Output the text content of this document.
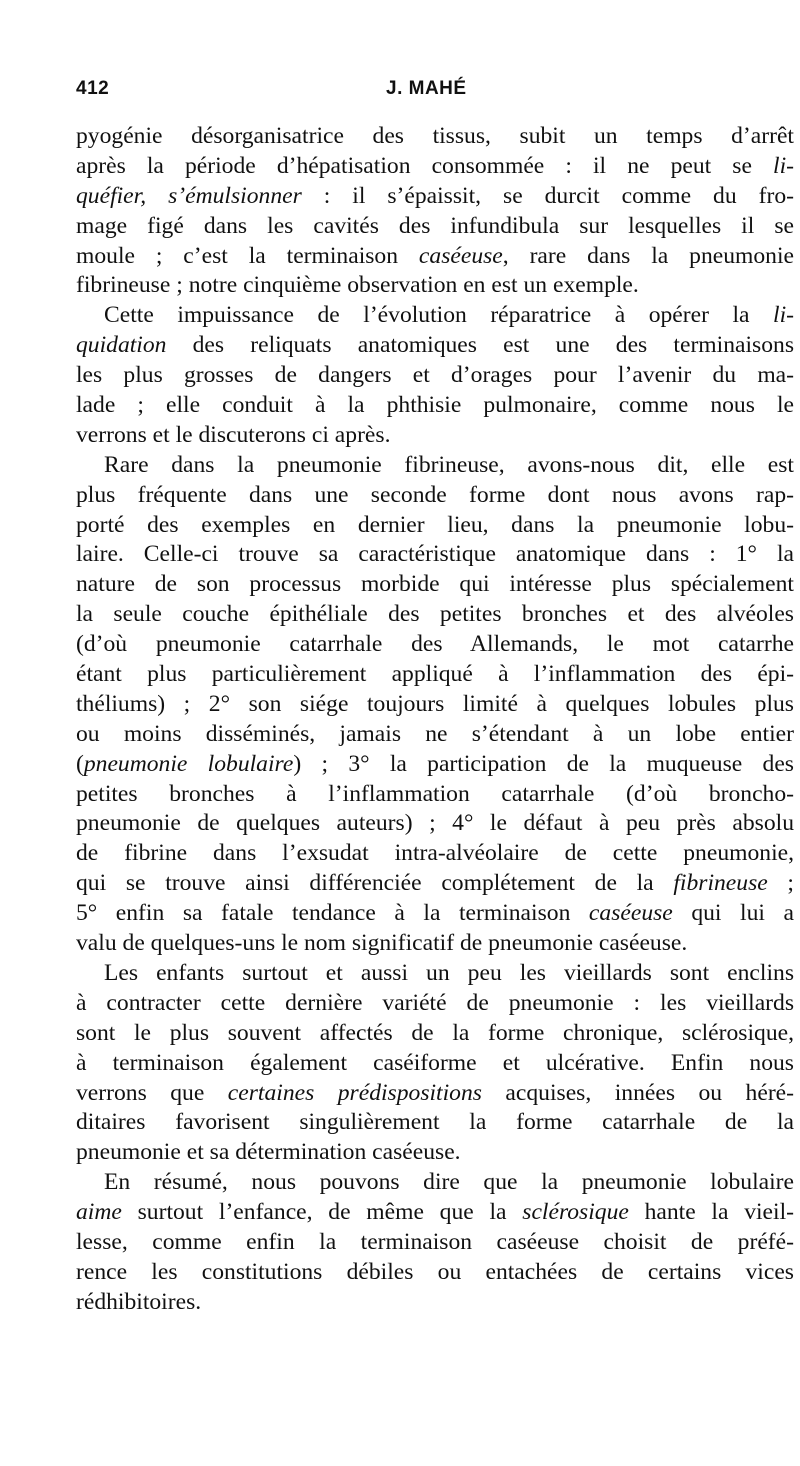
412	J. MAHÉ
pyogénie désorganisatrice des tissus, subit un temps d’arrêt
après la période d’hépatisation consommée : il ne peut se li-
quéfier, s’émulsionner : il s’épaissit, se durcit comme du fro-
mage figé dans les cavités des infundibula sur lesquelles il se
moule ; c’est la terminaison caséeuse, rare dans la pneumonie
fibrineuse ; notre cinquième observation en est un exemple.
Cette impuissance de l’évolution réparatrice à opérer la li-
quidation des reliquats anatomiques est une des terminaisons
les plus grosses de dangers et d’orages pour l’avenir du ma-
lade ; elle conduit à la phthisie pulmonaire, comme nous le
verrons et le discuterons ci après.
Rare dans la pneumonie fibrineuse, avons-nous dit, elle est
plus fréquente dans une seconde forme dont nous avons rap-
porté des exemples en dernier lieu, dans la pneumonie lobu-
laire. Celle-ci trouve sa caractéristique anatomique dans : 1° la
nature de son processus morbide qui intéresse plus spécialement
la seule couche épithéliale des petites bronches et des alvéoles
(d’où pneumonie catarrhale des Allemands, le mot catarrhe
étant plus particulièrement appliqué à l’inflammation des épi-
théliums) ; 2° son siége toujours limité à quelques lobules plus
ou moins disséminés, jamais ne s’étendant à un lobe entier
(pneumonie lobulaire) ; 3° la participation de la muqueuse des
petites bronches à l’inflammation catarrhale (d’où broncho-
pneumonie de quelques auteurs) ; 4° le défaut à peu près absolu
de fibrine dans l’exsudat intra-alvéolaire de cette pneumonie,
qui se trouve ainsi différenciée complétement de la fibrineuse ;
5° enfin sa fatale tendance à la terminaison caséeuse qui lui a
valu de quelques-uns le nom significatif de pneumonie caséeuse.
Les enfants surtout et aussi un peu les vieillards sont enclins
à contracter cette dernière variété de pneumonie : les vieillards
sont le plus souvent affectés de la forme chronique, sclérosique,
à terminaison également caséiforme et ulcérative. Enfin nous
verrons que certaines prédispositions acquises, innées ou héré-
ditaires favorisent singulièrement la forme catarrhale de la
pneumonie et sa détermination caséeuse.
En résumé, nous pouvons dire que la pneumonie lobulaire
aime surtout l’enfance, de même que la sclérosique hante la vieil-
lesse, comme enfin la terminaison caséeuse choisit de préfé-
rence les constitutions débiles ou entachées de certains vices
rédhibitoires.
